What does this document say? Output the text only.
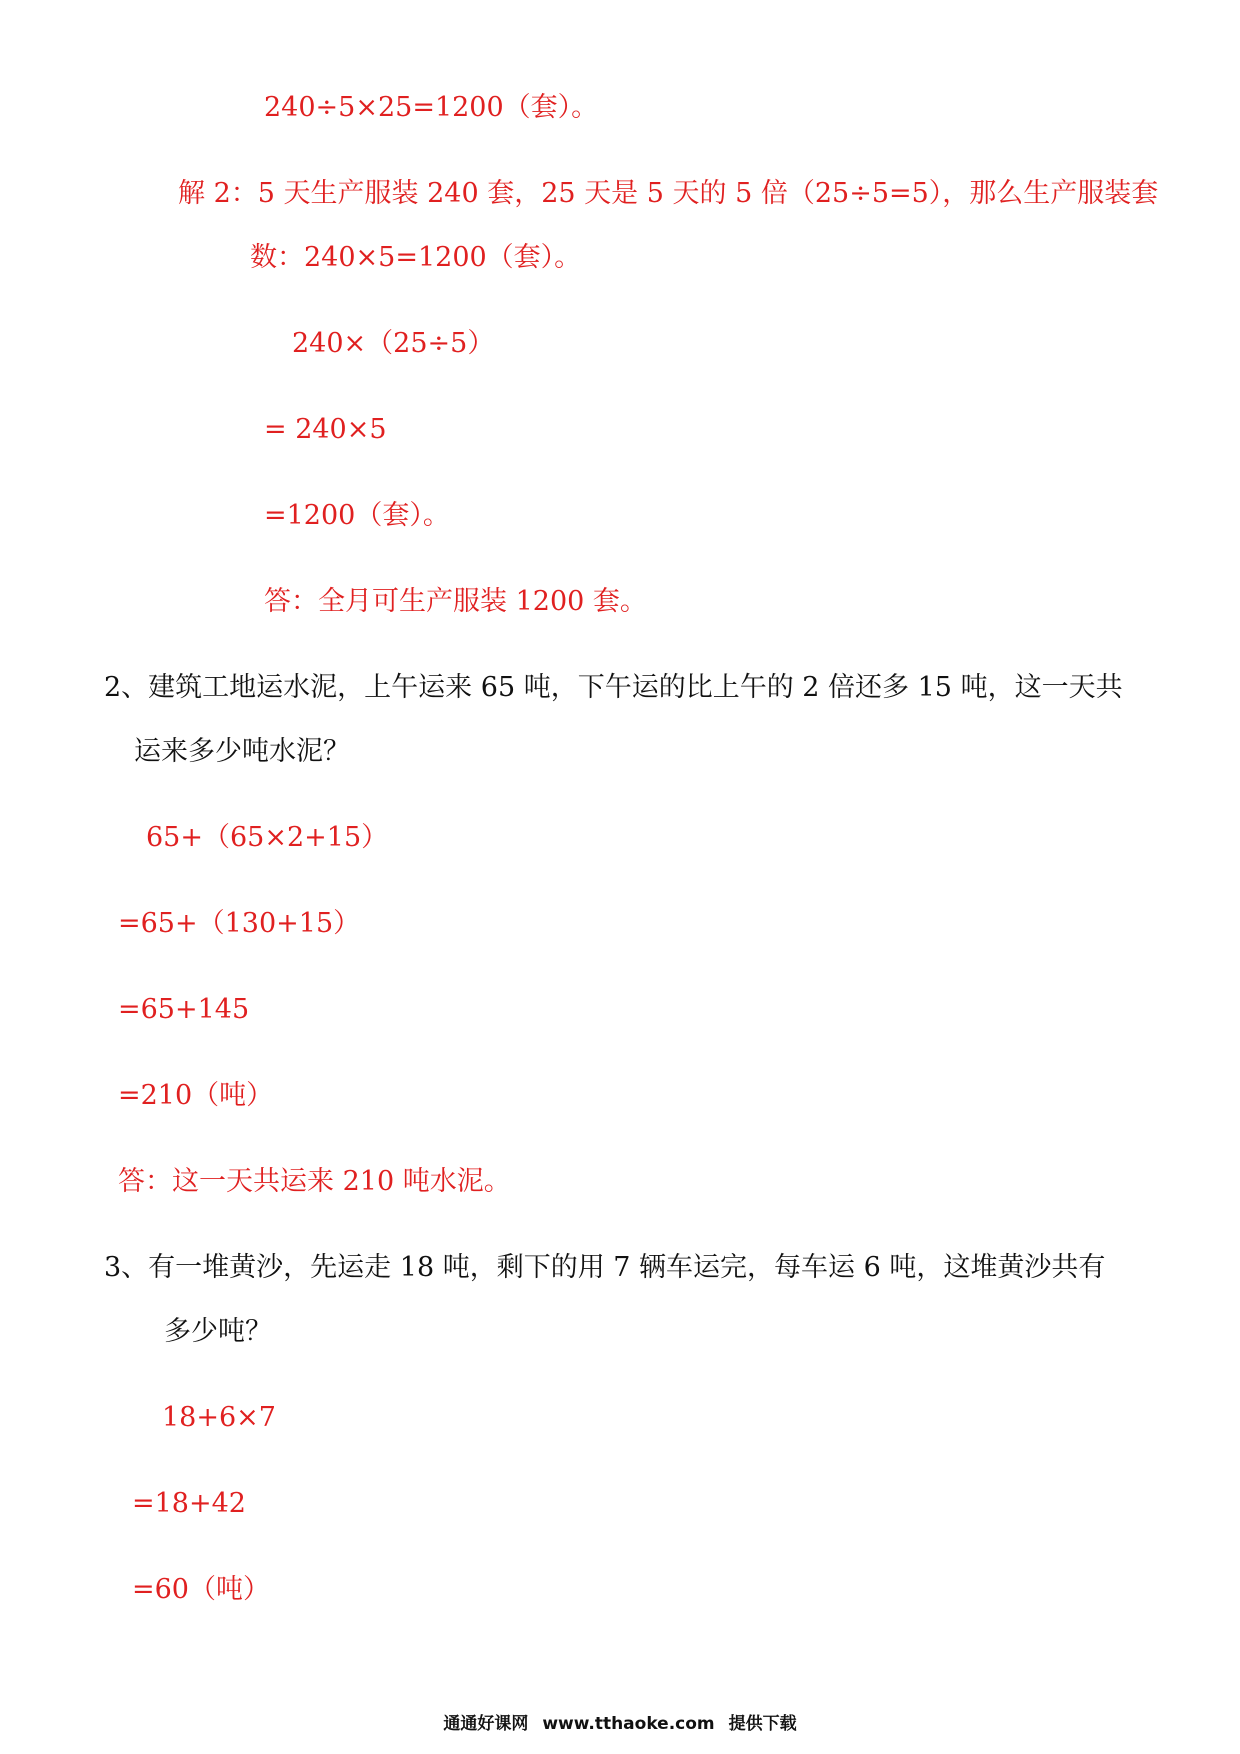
240÷5×25=1200（套）。
解 2：5 天生产服装 240 套，25 天是 5 天的 5 倍（25÷5=5），那么生产服装套
数：240×5=1200（套）。
240×（25÷5）
= 240×5
=1200（套）。
答：全月可生产服装 1200 套。
2、建筑工地运水泥，上午运来 65 吨，下午运的比上午的 2 倍还多 15 吨，这一天共
运来多少吨水泥？
65+（65×2+15）
=65+（130+15）
=65+145
=210（吨）
答：这一天共运来 210 吨水泥。
3、有一堆黄沙，先运走 18 吨，剩下的用 7 辆车运完，每车运 6 吨，这堆黄沙共有
多少吨？
18+6×7
=18+42
=60（吨）
通通好课网 www.tthaoke.com 提供下载
